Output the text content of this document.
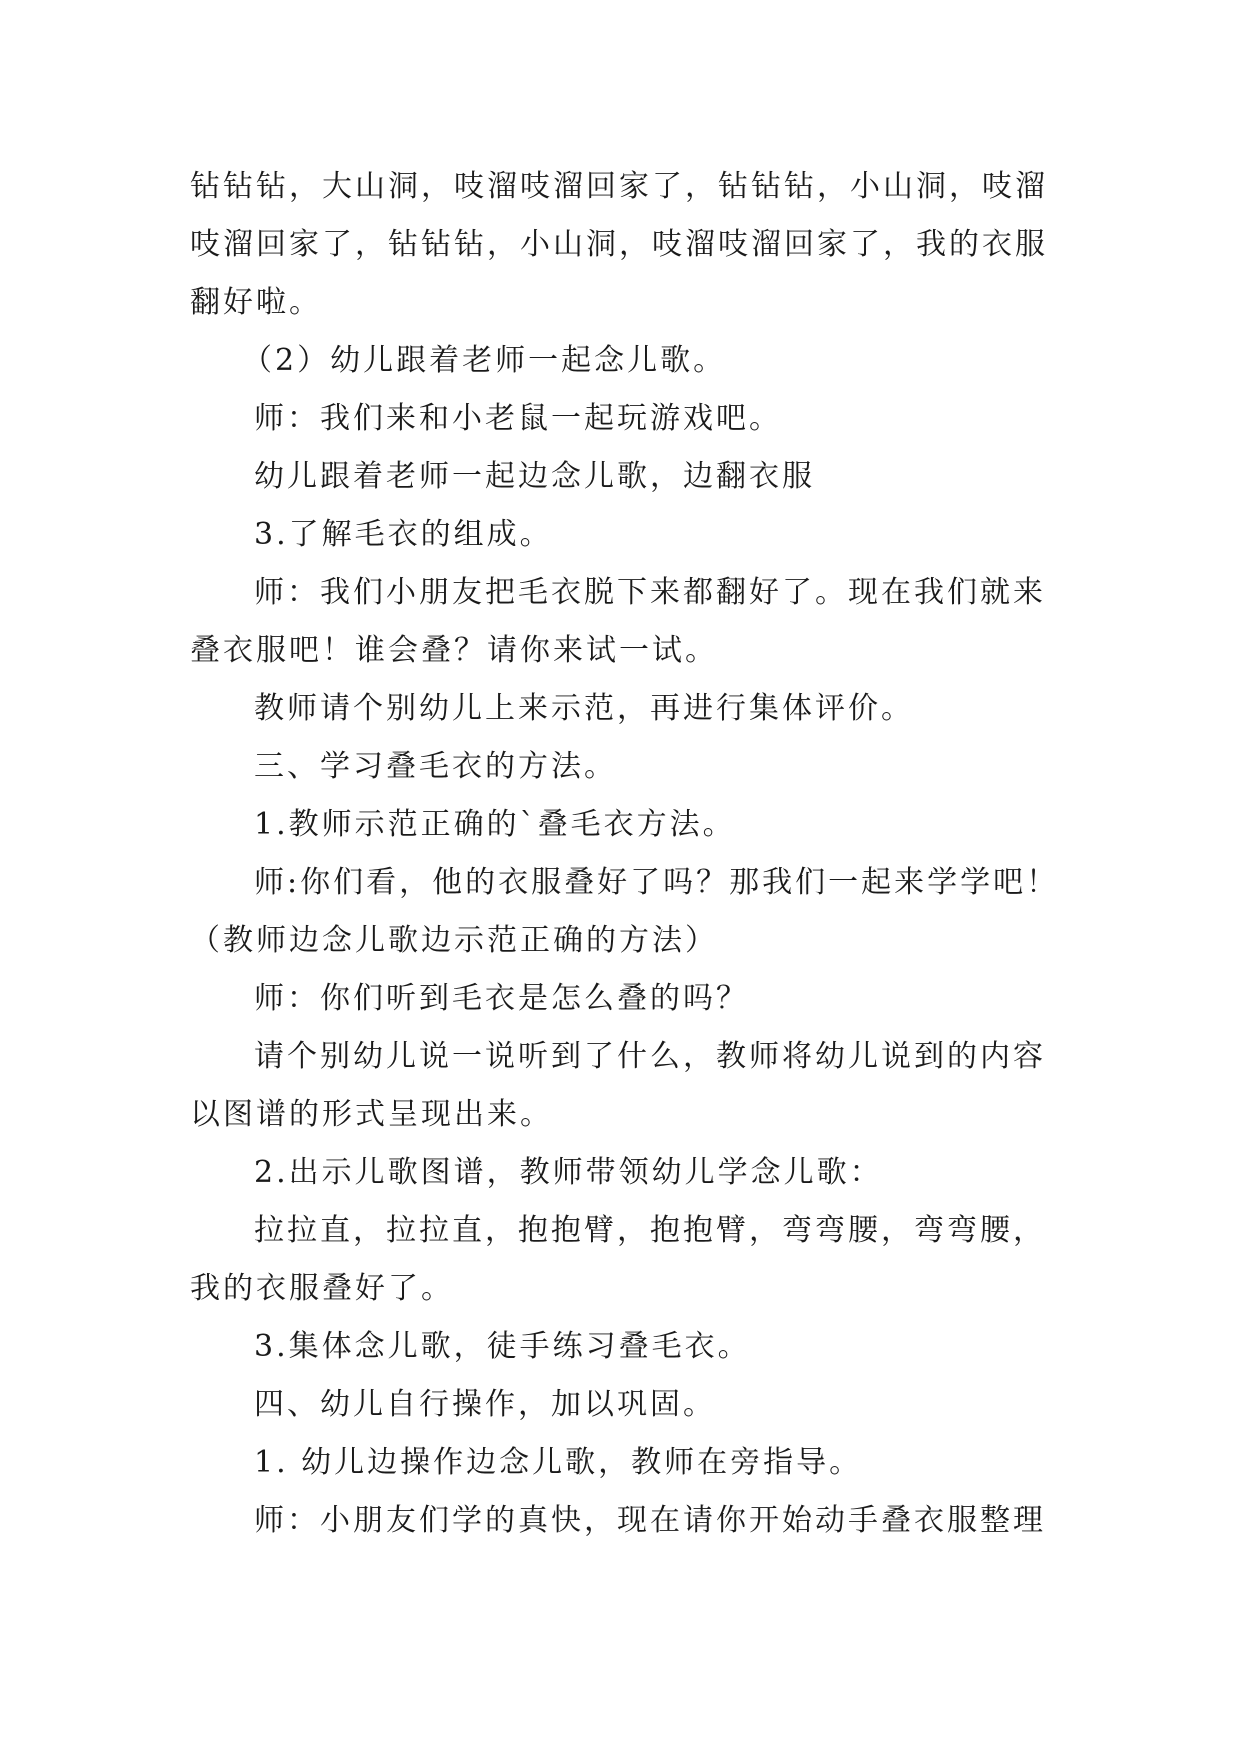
钻钻钻，大山洞，吱溜吱溜回家了，钻钻钻，小山洞，吱溜吱溜回家了，钻钻钻，小山洞，吱溜吱溜回家了，我的衣服翻好啦。

（2）幼儿跟着老师一起念儿歌。

师：我们来和小老鼠一起玩游戏吧。

幼儿跟着老师一起边念儿歌，边翻衣服

3.了解毛衣的组成。

师：我们小朋友把毛衣脱下来都翻好了。现在我们就来叠衣服吧！谁会叠？请你来试一试。

教师请个别幼儿上来示范，再进行集体评价。

三、学习叠毛衣的方法。

1.教师示范正确的`叠毛衣方法。

师:你们看，他的衣服叠好了吗？那我们一起来学学吧！（教师边念儿歌边示范正确的方法）

师：你们听到毛衣是怎么叠的吗？

请个别幼儿说一说听到了什么，教师将幼儿说到的内容以图谱的形式呈现出来。

2.出示儿歌图谱，教师带领幼儿学念儿歌：

拉拉直，拉拉直，抱抱臂，抱抱臂，弯弯腰，弯弯腰，我的衣服叠好了。

3.集体念儿歌，徒手练习叠毛衣。

四、幼儿自行操作，加以巩固。

1. 幼儿边操作边念儿歌，教师在旁指导。

师：小朋友们学的真快，现在请你开始动手叠衣服整理
